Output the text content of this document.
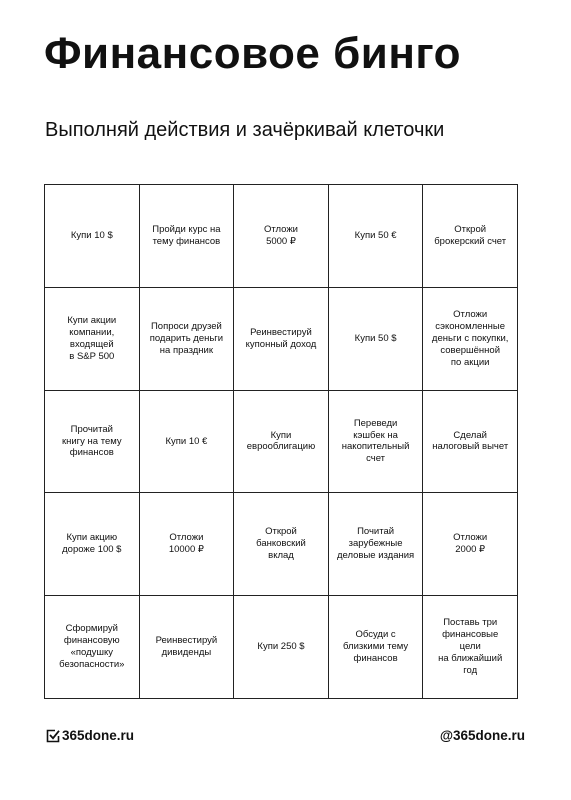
Финансовое бинго

Выполняй действия и зачёркивай клеточки

Купи 10 $
Пройди курс на
тему финансов
Отложи
5000 ₽
Купи 50 €
Открой
брокерский счет
Купи акции
компании,
входящей
в S&P 500
Попроси друзей
подарить деньги
на праздник
Реинвестируй
купонный доход
Купи 50 $
Отложи
сэкономленные
деньги с покупки,
совершённой
по акции
Прочитай
книгу на тему
финансов
Купи 10 €
Купи
еврооблигацию
Переведи
кэшбек на
накопительный
счет
Сделай
налоговый вычет
Купи акцию
дороже 100 $
Отложи
10000 ₽
Открой
банковский
вклад
Почитай
зарубежные
деловые издания
Отложи
2000 ₽
Сформируй
финансовую
«подушку
безопасности»
Реинвестируй
дивиденды
Купи 250 $
Обсуди с
близкими тему
финансов
Поставь три
финансовые
цели
на ближайший
год
365done.ru	@365done.ru
